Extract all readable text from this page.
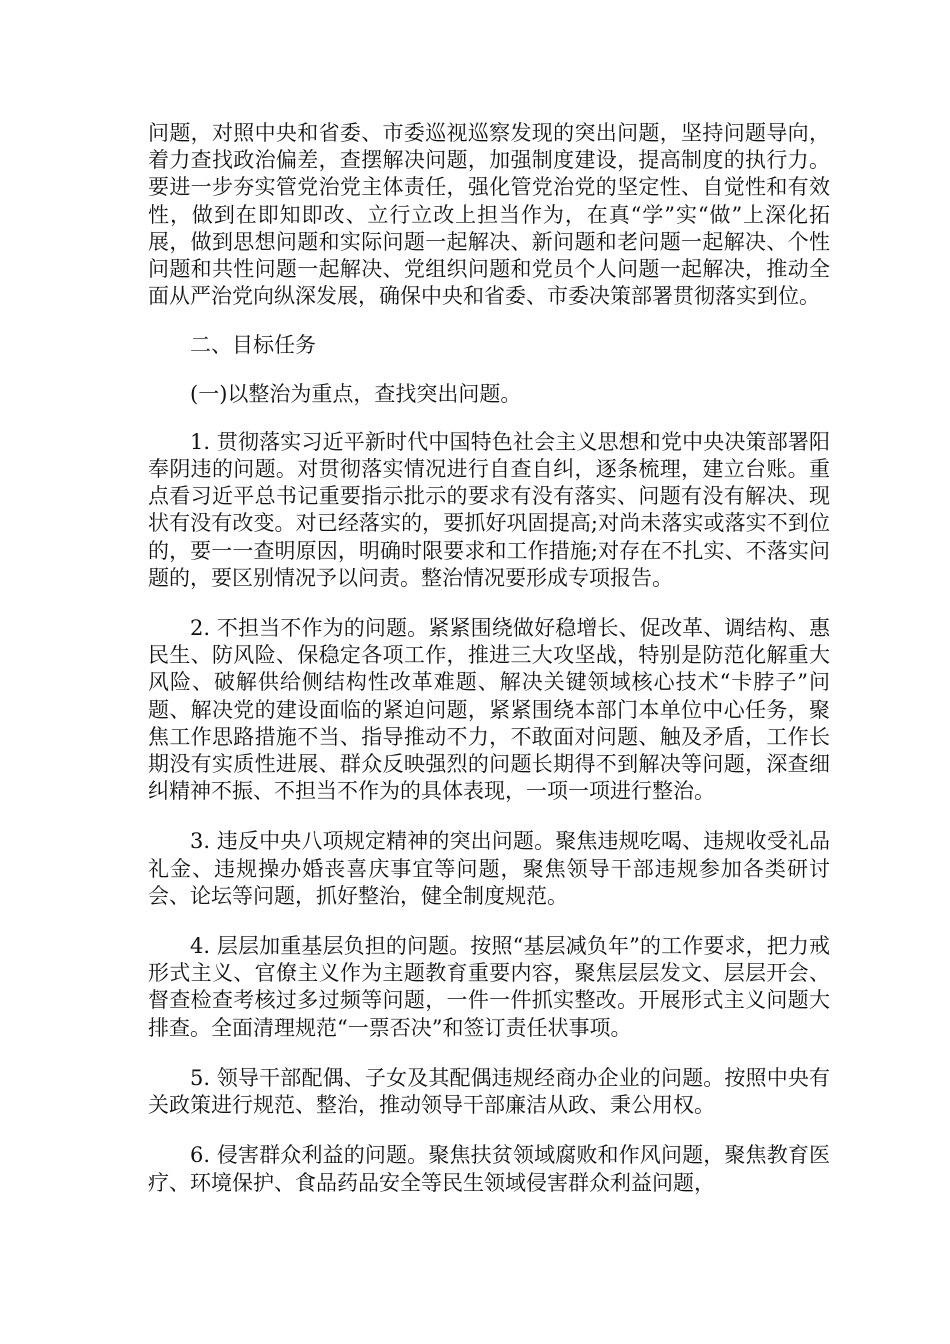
问题，对照中央和省委、市委巡视巡察发现的突出问题，坚持问题导向，着力查找政治偏差，查摆解决问题，加强制度建设，提高制度的执行力。要进一步夯实管党治党主体责任，强化管党治党的坚定性、自觉性和有效性，做到在即知即改、立行立改上担当作为，在真“学”实“做”上深化拓展，做到思想问题和实际问题一起解决、新问题和老问题一起解决、个性问题和共性问题一起解决、党组织问题和党员个人问题一起解决，推动全面从严治党向纵深发展，确保中央和省委、市委决策部署贯彻落实到位。

二、目标任务

(一)以整治为重点，查找突出问题。

1. 贯彻落实习近平新时代中国特色社会主义思想和党中央决策部署阳奉阴违的问题。对贯彻落实情况进行自查自纠，逐条梳理，建立台账。重点看习近平总书记重要指示批示的要求有没有落实、问题有没有解决、现状有没有改变。对已经落实的，要抓好巩固提高;对尚未落实或落实不到位的，要一一查明原因，明确时限要求和工作措施;对存在不扎实、不落实问题的，要区别情况予以问责。整治情况要形成专项报告。

2. 不担当不作为的问题。紧紧围绕做好稳增长、促改革、调结构、惠民生、防风险、保稳定各项工作，推进三大攻坚战，特别是防范化解重大风险、破解供给侧结构性改革难题、解决关键领域核心技术“卡脖子”问题、解决党的建设面临的紧迫问题，紧紧围绕本部门本单位中心任务，聚焦工作思路措施不当、指导推动不力，不敢面对问题、触及矛盾，工作长期没有实质性进展、群众反映强烈的问题长期得不到解决等问题，深查细纠精神不振、不担当不作为的具体表现，一项一项进行整治。

3. 违反中央八项规定精神的突出问题。聚焦违规吃喝、违规收受礼品礼金、违规操办婚丧喜庆事宜等问题，聚焦领导干部违规参加各类研讨会、论坛等问题，抓好整治，健全制度规范。

4. 层层加重基层负担的问题。按照“基层减负年”的工作要求，把力戒形式主义、官僚主义作为主题教育重要内容，聚焦层层发文、层层开会、督查检查考核过多过频等问题，一件一件抓实整改。开展形式主义问题大排查。全面清理规范“一票否决”和签订责任状事项。

5. 领导干部配偶、子女及其配偶违规经商办企业的问题。按照中央有关政策进行规范、整治，推动领导干部廉洁从政、秉公用权。

6. 侵害群众利益的问题。聚焦扶贫领域腐败和作风问题，聚焦教育医疗、环境保护、食品药品安全等民生领域侵害群众利益问题，
